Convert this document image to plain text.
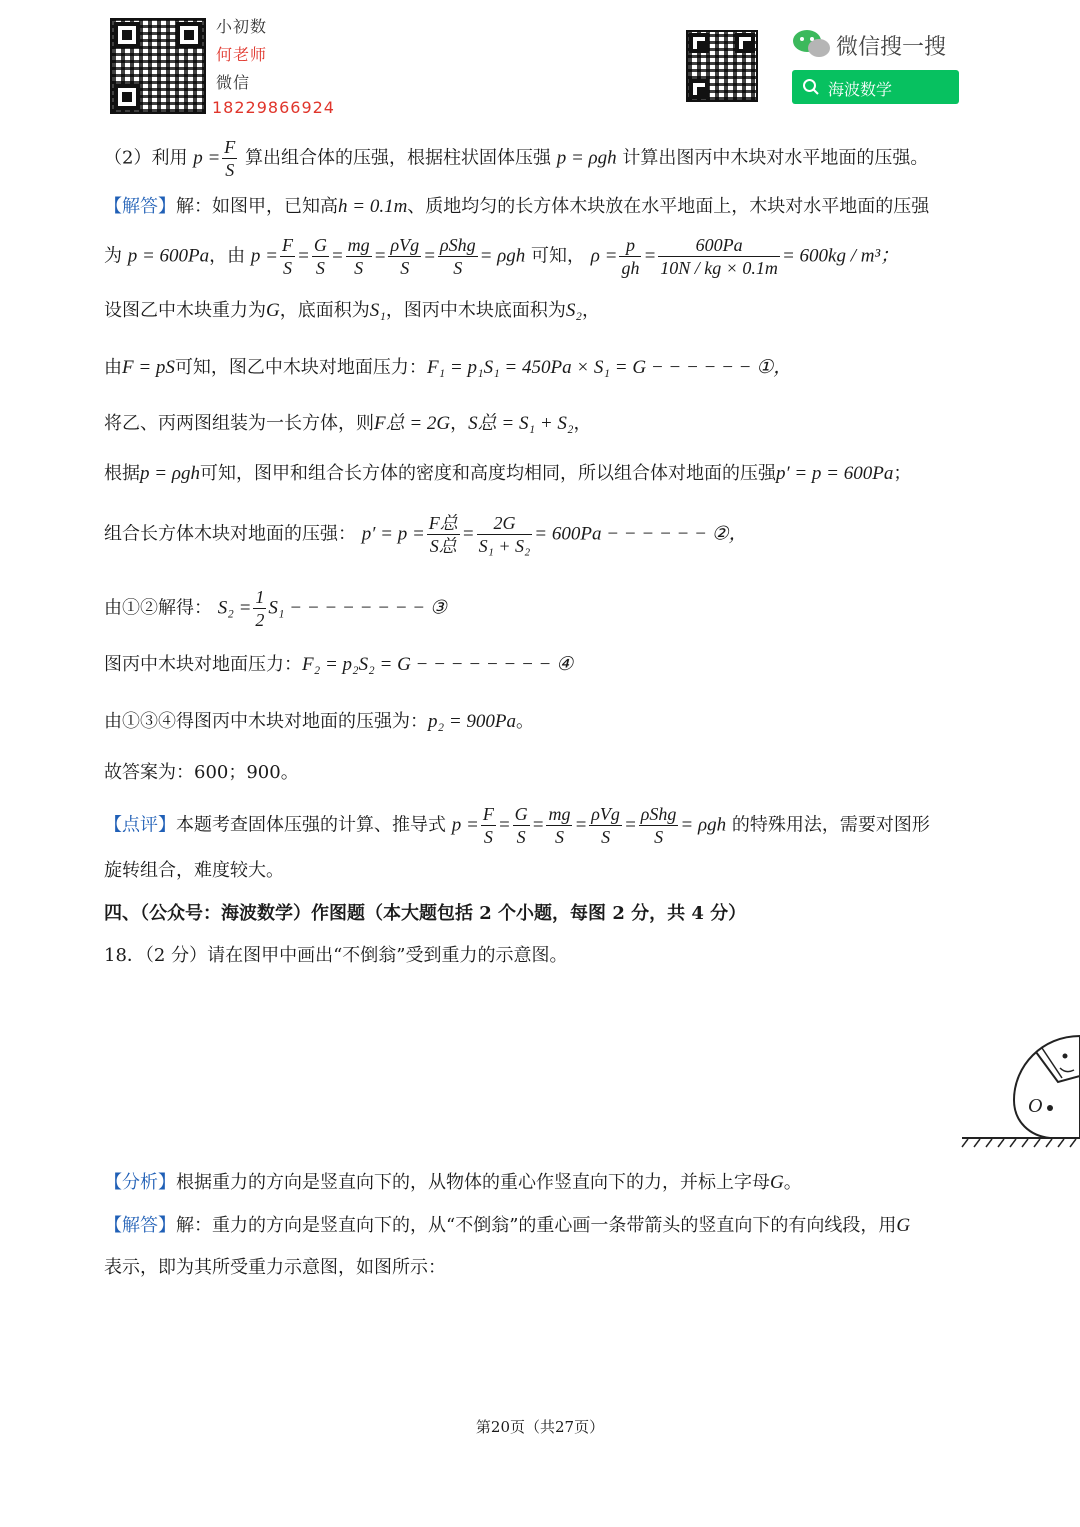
小初数
何老师
微信
18229866924
微信搜一搜
海波数学
（2）利用 $p = \frac{F}{S}$ 算出组合体的压强，根据柱状固体压强 p = ρgh 计算出图丙中木块对水平地面的压强。
【解答】解：如图甲，已知高h = 0.1m、质地均匀的长方体木块放在水平地面上，木块对水平地面的压强
为 p = 600Pa，由 $p = \frac{F}{S} = \frac{G}{S} = \frac{mg}{S} = \frac{\text{ρVg}}{S} = \frac{\text{ρShg}}{S} = \rho gh$ 可知， $\rho = \frac{p}{gh} = \frac{600Pa}{10N / kg \times 0.1m} = 600kg / m^3$；
设图乙中木块重力为G，底面积为S₁，图丙中木块底面积为S₂，
由F = pS可知，图乙中木块对地面压力：F₁ = p₁S₁ = 450Pa × S₁ = G − − − − − − ①，
将乙、丙两图组装为一长方体，则F总 = 2G，S总 = S₁ + S₂，
根据p = ρgh可知，图甲和组合长方体的密度和高度均相同，所以组合体对地面的压强p′ = p = 600Pa；
组合长方体木块对地面的压强： $p' = p = \frac{\text{F总}}{\text{S总}} = \frac{2G}{\text{S₁ + S₂}} = 600Pa$ − − − − − − ②，
由①②解得： $S_2 = \frac{1}{2} S_1$ − − − − − − − − ③
图丙中木块对地面压力：F₂ = p₂S₂ = G − − − − − − − − ④
由①③④得图丙中木块对地面的压强为：p₂ = 900Pa。
故答案为：600；900。
【点评】本题考查固体压强的计算、推导式 $p = \frac{F}{S} = \frac{G}{S} = \frac{mg}{S} = \frac{\text{ρVg}}{S} = \frac{\text{ρShg}}{S} = \rho gh$ 的特殊用法，需要对图形
旋转组合，难度较大。
四、（公众号：海波数学）作图题（本大题包括 2 个小题，每图 2 分，共 4 分）
18．（2 分）请在图甲中画出“不倒翁”受到重力的示意图。
O
【分析】根据重力的方向是竖直向下的，从物体的重心作竖直向下的力，并标上字母G。
【解答】解：重力的方向是竖直向下的，从“不倒翁”的重心画一条带箭头的竖直向下的有向线段，用G
表示，即为其所受重力示意图，如图所示：
第20页（共27页）
